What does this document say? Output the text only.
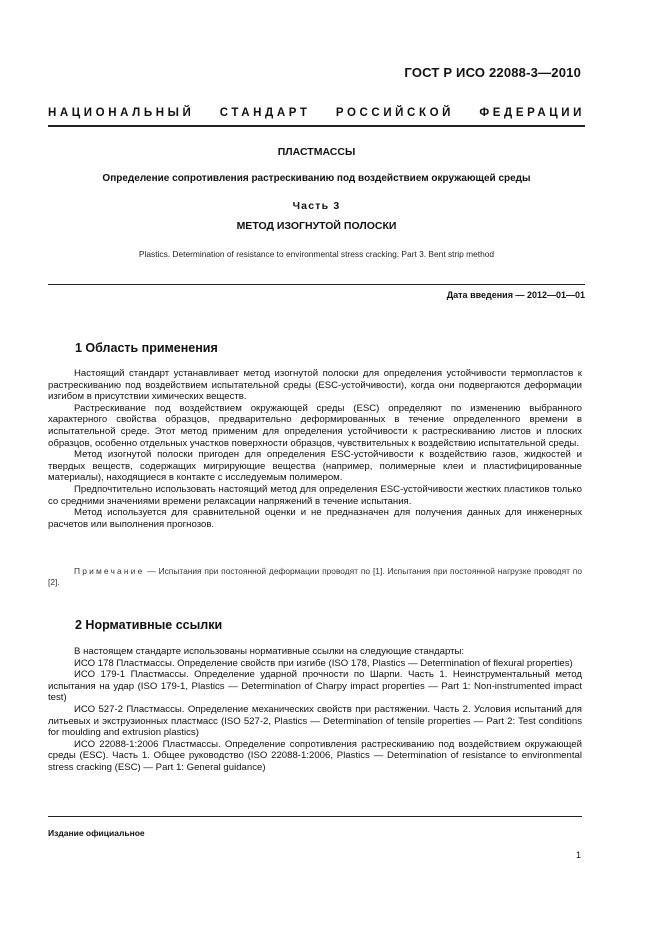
ГОСТ Р ИСО 22088-3—2010
НАЦИОНАЛЬНЫЙ СТАНДАРТ РОССИЙСКОЙ ФЕДЕРАЦИИ
ПЛАСТМАССЫ
Определение сопротивления растрескиванию под воздействием окружающей среды
Часть 3
МЕТОД ИЗОГНУТОЙ ПОЛОСКИ
Plastics. Determination of resistance to environmental stress cracking. Part 3. Bent strip method
Дата введения — 2012—01—01
1 Область применения

Настоящий стандарт устанавливает метод изогнутой полоски для определения устойчивости термопластов к растрескиванию под воздействием испытательной среды (ESC-устойчивости), когда они подвергаются деформации изгибом в присутствии химических веществ.

Растрескивание под воздействием окружающей среды (ESC) определяют по изменению выбранного характерного свойства образцов, предварительно деформированных в течение определенного времени в испытательной среде. Этот метод применим для определения устойчивости к растрескиванию листов и плоских образцов, особенно отдельных участков поверхности образцов, чувствительных к воздействию испытательной среды.

Метод изогнутой полоски пригоден для определения ESC-устойчивости к воздействию газов, жидкостей и твердых веществ, содержащих мигрирующие вещества (например, полимерные клеи и пластифицированные материалы), находящиеся в контакте с исследуемым полимером.

Предпочтительно использовать настоящий метод для определения ESC-устойчивости жестких пластиков только со средними значениями времени релаксации напряжений в течение испытания.

Метод используется для сравнительной оценки и не предназначен для получения данных для инженерных расчетов или выполнения прогнозов.

Примечание — Испытания при постоянной деформации проводят по [1]. Испытания при постоянной нагрузке проводят по [2].
2 Нормативные ссылки

В настоящем стандарте использованы нормативные ссылки на следующие стандарты:

ИСО 178 Пластмассы. Определение свойств при изгибе (ISO 178, Plastics — Determination of flexural properties)

ИСО 179-1 Пластмассы. Определение ударной прочности по Шарпи. Часть 1. Неинструментальный метод испытания на удар (ISO 179-1, Plastics — Determination of Charpy impact properties — Part 1: Non-instrumented impact test)

ИСО 527-2 Пластмассы. Определение механических свойств при растяжении. Часть 2. Условия испытаний для литьевых и экструзионных пластмасс (ISO 527-2, Plastics — Determination of tensile properties — Part 2: Test conditions for moulding and extrusion plastics)

ИСО 22088-1:2006 Пластмассы. Определение сопротивления растрескиванию под воздействием окружающей среды (ESC). Часть 1. Общее руководство (ISO 22088-1:2006, Plastics — Determination of resistance to environmental stress cracking (ESC) — Part 1: General guidance)

Издание официальное
1
